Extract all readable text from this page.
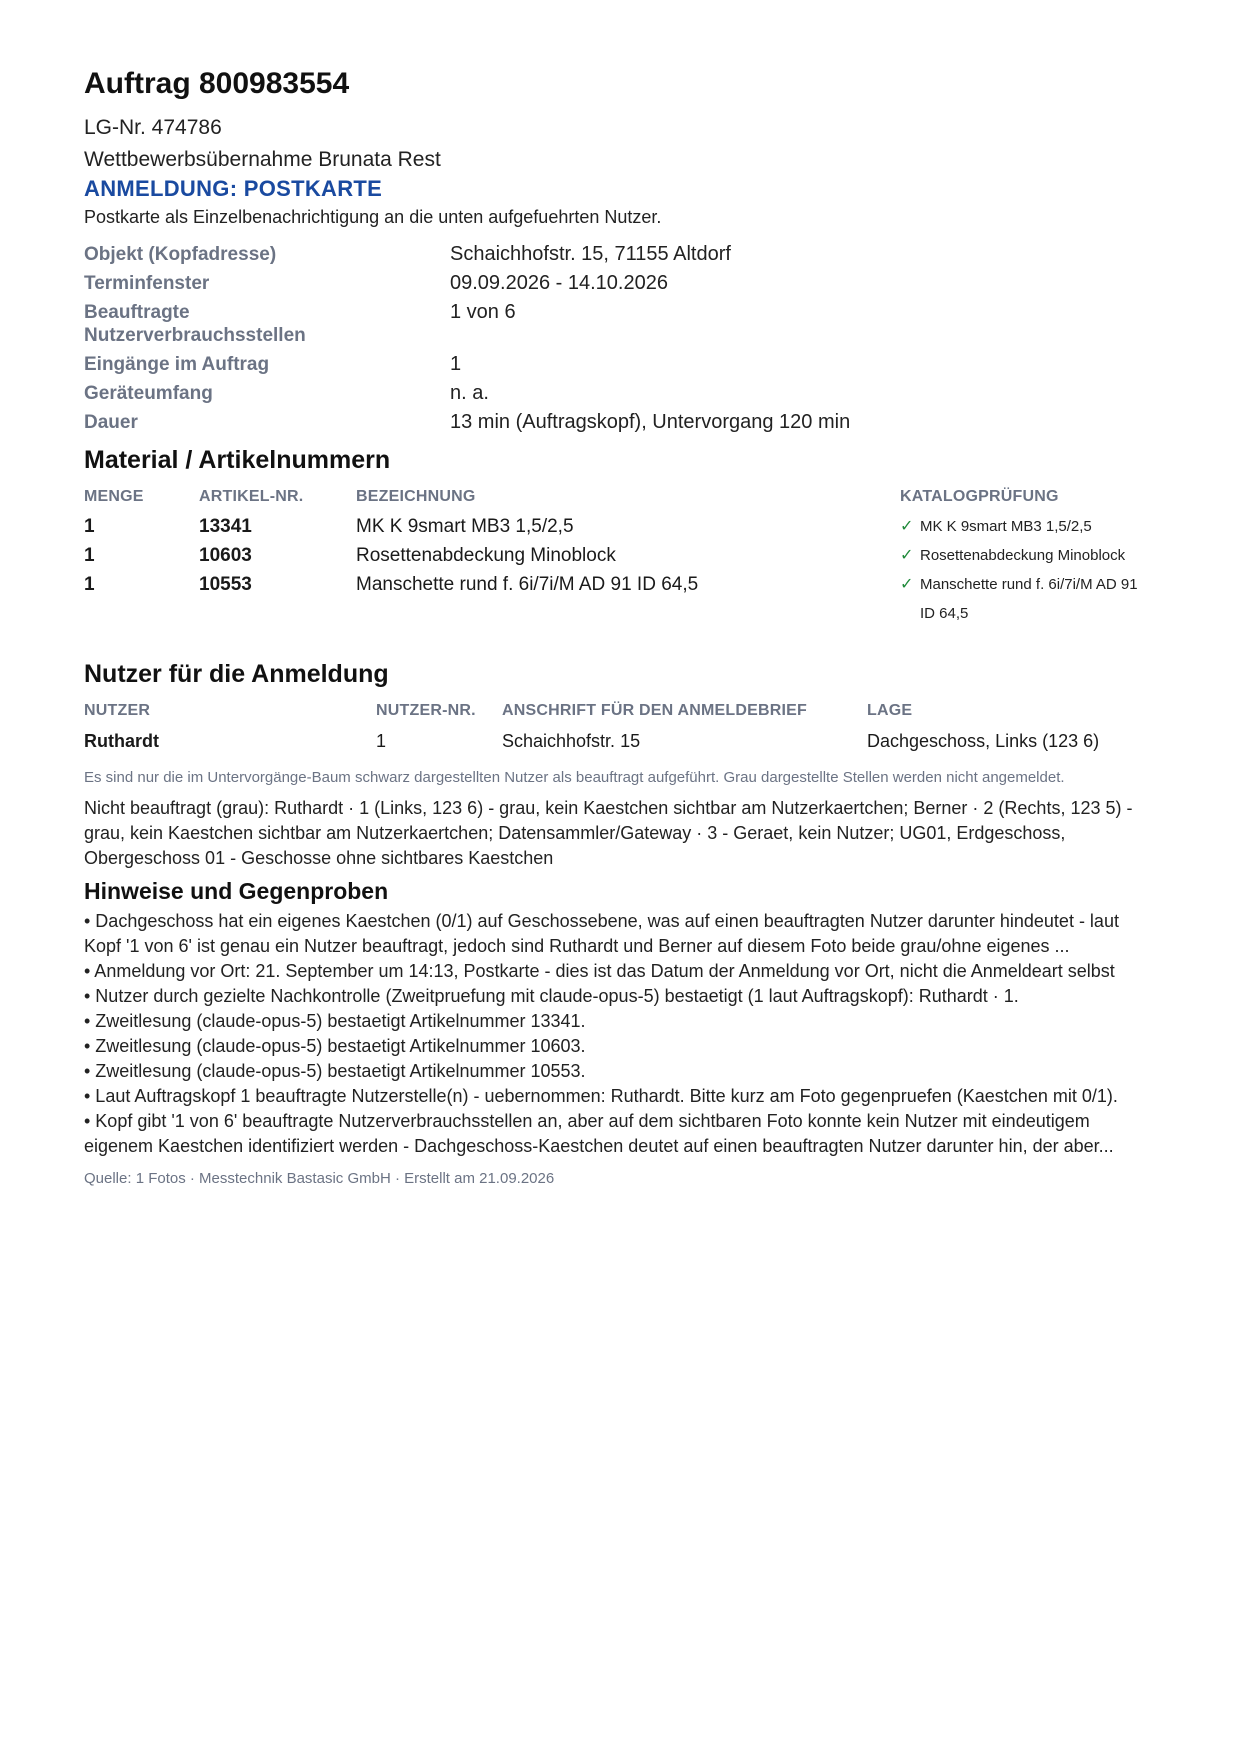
Auftrag 800983554
LG-Nr. 474786
Wettbewerbsübernahme Brunata Rest
ANMELDUNG: POSTKARTE
Postkarte als Einzelbenachrichtigung an die unten aufgefuehrten Nutzer.
Objekt (Kopfadresse)	Schaichhofstr. 15, 71155 Altdorf
Terminfenster	09.09.2026 - 14.10.2026
Beauftragte Nutzerverbrauchsstellen
1 von 6
Eingänge im Auftrag	1
Geräteumfang	n. a.
Dauer	13 min (Auftragskopf), Untervorgang 120 min
Material / Artikelnummern
MENGE	ARTIKEL-NR.	BEZEICHNUNG	KATALOGPRÜFUNG
1	13341	MK K 9smart MB3 1,5/2,5	✓ MK K 9smart MB3 1,5/2,5
1	10603	Rosettenabdeckung Minoblock	✓ Rosettenabdeckung Minoblock
1	10553	Manschette rund f. 6i/7i/M AD 91 ID 64,5	✓ Manschette rund f. 6i/7i/M AD 91
ID 64,5
Nutzer für die Anmeldung
NUTZER	NUTZER-NR.	ANSCHRIFT FÜR DEN ANMELDEBRIEF	LAGE
Ruthardt	1	Schaichhofstr. 15	Dachgeschoss, Links (123 6)
Es sind nur die im Untervorgänge-Baum schwarz dargestellten Nutzer als beauftragt aufgeführt. Grau dargestellte Stellen werden nicht angemeldet.
Nicht beauftragt (grau): Ruthardt · 1 (Links, 123 6) - grau, kein Kaestchen sichtbar am Nutzerkaertchen; Berner · 2 (Rechts, 123 5) - grau, kein Kaestchen sichtbar am Nutzerkaertchen; Datensammler/Gateway · 3 - Geraet, kein Nutzer; UG01, Erdgeschoss, Obergeschoss 01 - Geschosse ohne sichtbares Kaestchen
Hinweise und Gegenproben
• Dachgeschoss hat ein eigenes Kaestchen (0/1) auf Geschossebene, was auf einen beauftragten Nutzer darunter hindeutet - laut Kopf '1 von 6' ist genau ein Nutzer beauftragt, jedoch sind Ruthardt und Berner auf diesem Foto beide grau/ohne eigenes ...
• Anmeldung vor Ort: 21. September um 14:13, Postkarte - dies ist das Datum der Anmeldung vor Ort, nicht die Anmeldeart selbst
• Nutzer durch gezielte Nachkontrolle (Zweitpruefung mit claude-opus-5) bestaetigt (1 laut Auftragskopf): Ruthardt · 1.
• Zweitlesung (claude-opus-5) bestaetigt Artikelnummer 13341.
• Zweitlesung (claude-opus-5) bestaetigt Artikelnummer 10603.
• Zweitlesung (claude-opus-5) bestaetigt Artikelnummer 10553.
• Laut Auftragskopf 1 beauftragte Nutzerstelle(n) - uebernommen: Ruthardt. Bitte kurz am Foto gegenpruefen (Kaestchen mit 0/1).
• Kopf gibt '1 von 6' beauftragte Nutzerverbrauchsstellen an, aber auf dem sichtbaren Foto konnte kein Nutzer mit eindeutigem eigenem Kaestchen identifiziert werden - Dachgeschoss-Kaestchen deutet auf einen beauftragten Nutzer darunter hin, der aber...
Quelle: 1 Fotos · Messtechnik Bastasic GmbH · Erstellt am 21.09.2026
